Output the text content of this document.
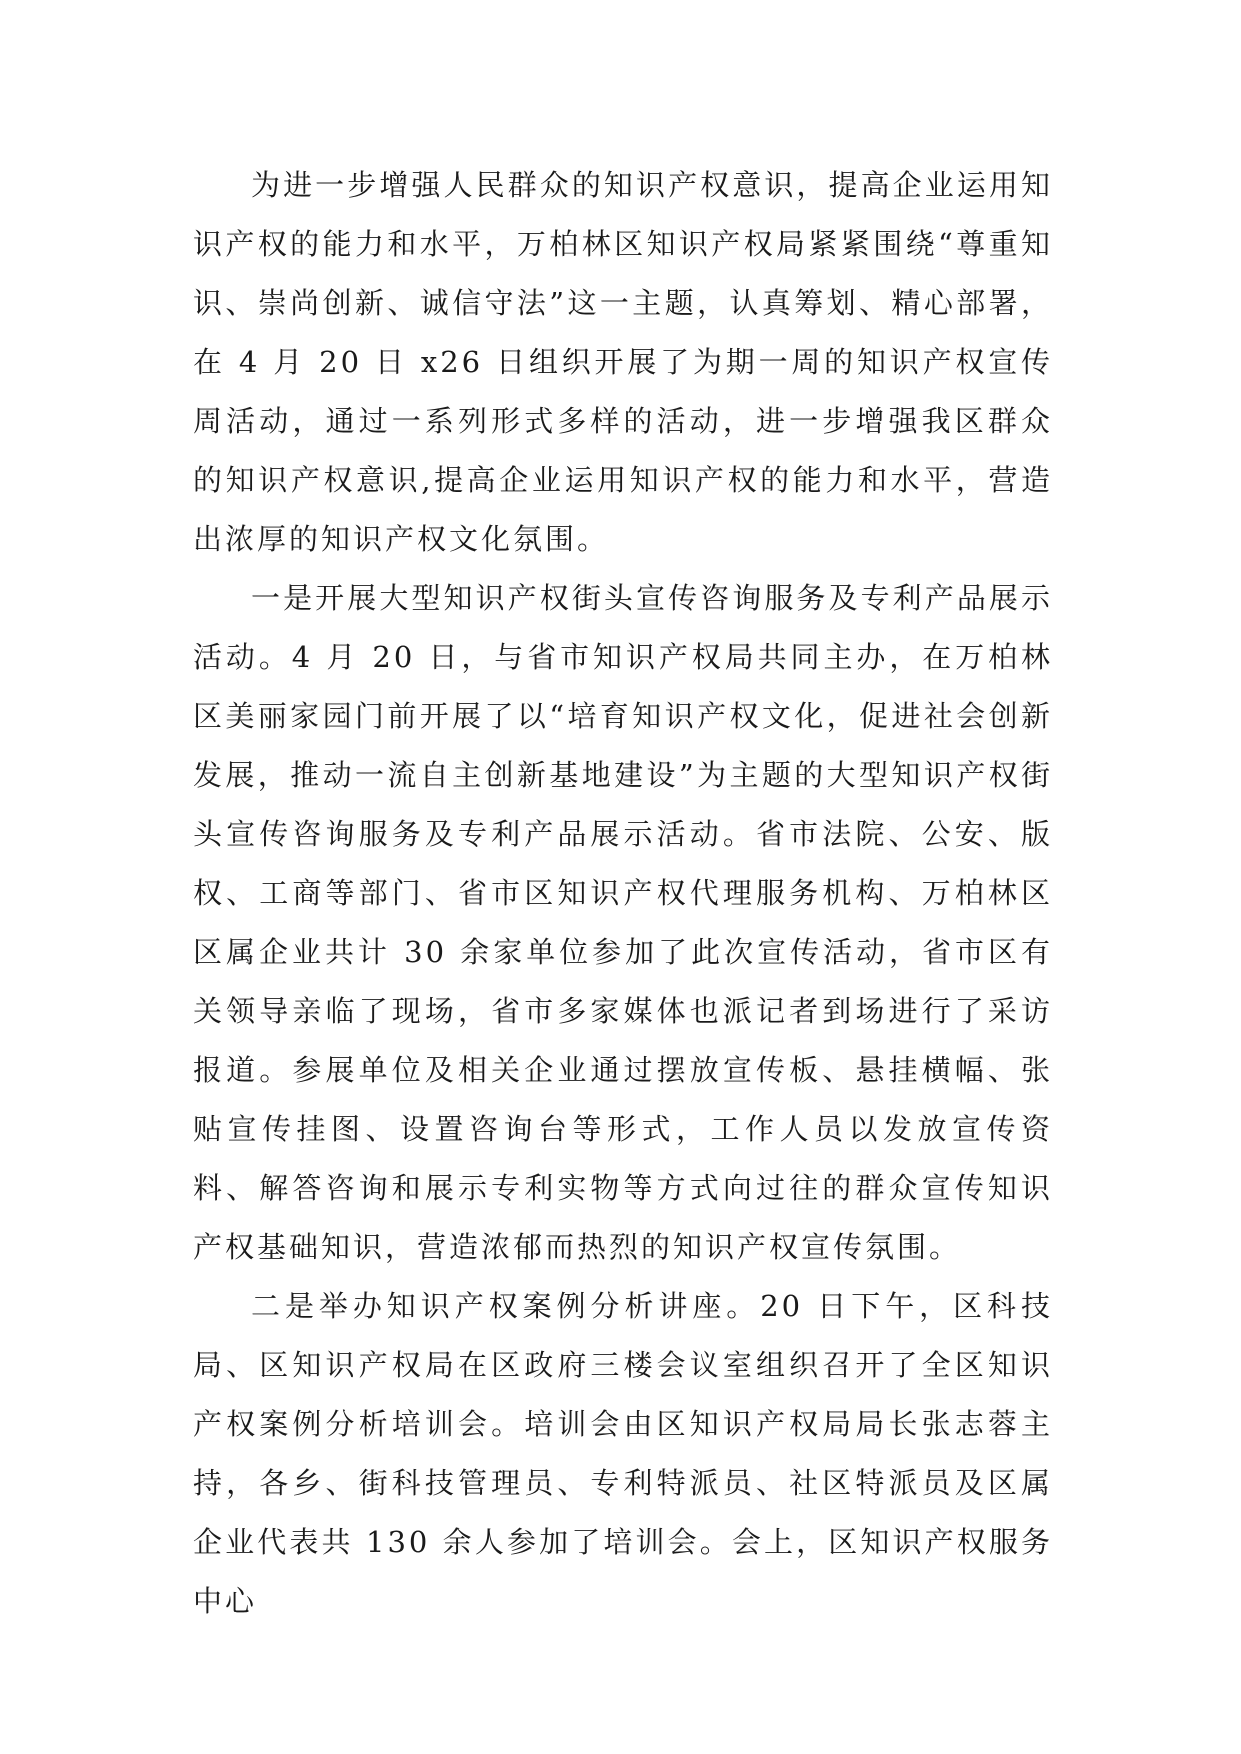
为进一步增强人民群众的知识产权意识，提高企业运用知识产权的能力和水平，万柏林区知识产权局紧紧围绕“尊重知识、崇尚创新、诚信守法”这一主题，认真筹划、精心部署，在 4 月 20 日 x26 日组织开展了为期一周的知识产权宣传周活动，通过一系列形式多样的活动，进一步增强我区群众的知识产权意识,提高企业运用知识产权的能力和水平，营造出浓厚的知识产权文化氛围。

一是开展大型知识产权街头宣传咨询服务及专利产品展示活动。4 月 20 日，与省市知识产权局共同主办，在万柏林区美丽家园门前开展了以“培育知识产权文化，促进社会创新发展，推动一流自主创新基地建设”为主题的大型知识产权街头宣传咨询服务及专利产品展示活动。省市法院、公安、版权、工商等部门、省市区知识产权代理服务机构、万柏林区区属企业共计 30 余家单位参加了此次宣传活动，省市区有关领导亲临了现场，省市多家媒体也派记者到场进行了采访报道。参展单位及相关企业通过摆放宣传板、悬挂横幅、张贴宣传挂图、设置咨询台等形式，工作人员以发放宣传资料、解答咨询和展示专利实物等方式向过往的群众宣传知识产权基础知识，营造浓郁而热烈的知识产权宣传氛围。

二是举办知识产权案例分析讲座。20 日下午，区科技局、区知识产权局在区政府三楼会议室组织召开了全区知识产权案例分析培训会。培训会由区知识产权局局长张志蓉主持，各乡、街科技管理员、专利特派员、社区特派员及区属企业代表共 130 余人参加了培训会。会上，区知识产权服务中心
